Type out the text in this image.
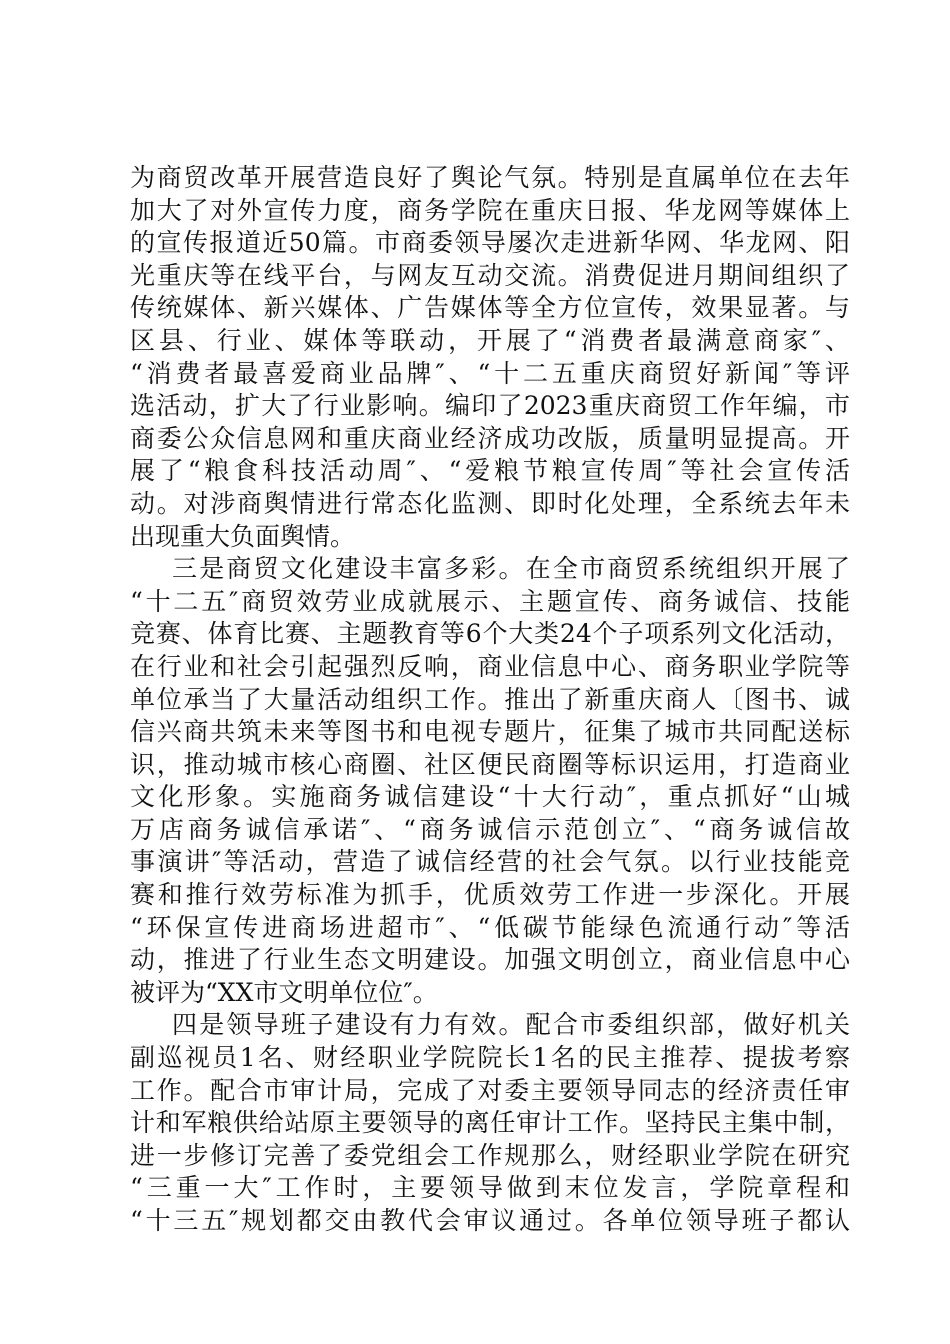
为商贸改革开展营造良好了舆论气氛。特别是直属单位在去年
加大了对外宣传力度，商务学院在重庆日报、华龙网等媒体上
的宣传报道近50篇。市商委领导屡次走进新华网、华龙网、阳
光重庆等在线平台，与网友互动交流。消费促进月期间组织了
传统媒体、新兴媒体、广告媒体等全方位宣传，效果显著。与
区县、行业、媒体等联动，开展了“消费者最满意商家″、
“消费者最喜爱商业品牌″、“十二五重庆商贸好新闻″等评
选活动，扩大了行业影响。编印了2023重庆商贸工作年编，市
商委公众信息网和重庆商业经济成功改版，质量明显提高。开
展了“粮食科技活动周″、“爱粮节粮宣传周″等社会宣传活
动。对涉商舆情进行常态化监测、即时化处理，全系统去年未
出现重大负面舆情。
三是商贸文化建设丰富多彩。在全市商贸系统组织开展了
“十二五″商贸效劳业成就展示、主题宣传、商务诚信、技能
竞赛、体育比赛、主题教育等6个大类24个子项系列文化活动，
在行业和社会引起强烈反响，商业信息中心、商务职业学院等
单位承当了大量活动组织工作。推出了新重庆商人〔图书、诚
信兴商共筑未来等图书和电视专题片，征集了城市共同配送标
识，推动城市核心商圈、社区便民商圈等标识运用，打造商业
文化形象。实施商务诚信建设“十大行动″，重点抓好“山城
万店商务诚信承诺″、“商务诚信示范创立″、“商务诚信故
事演讲″等活动，营造了诚信经营的社会气氛。以行业技能竞
赛和推行效劳标准为抓手，优质效劳工作进一步深化。开展
“环保宣传进商场进超市″、“低碳节能绿色流通行动″等活
动，推进了行业生态文明建设。加强文明创立，商业信息中心
被评为“XX市文明单位位″。
四是领导班子建设有力有效。配合市委组织部，做好机关
副巡视员1名、财经职业学院院长1名的民主推荐、提拔考察
工作。配合市审计局，完成了对委主要领导同志的经济责任审
计和军粮供给站原主要领导的离任审计工作。坚持民主集中制，
进一步修订完善了委党组会工作规那么，财经职业学院在研究
“三重一大″工作时，主要领导做到末位发言，学院章程和
“十三五″规划都交由教代会审议通过。各单位领导班子都认
